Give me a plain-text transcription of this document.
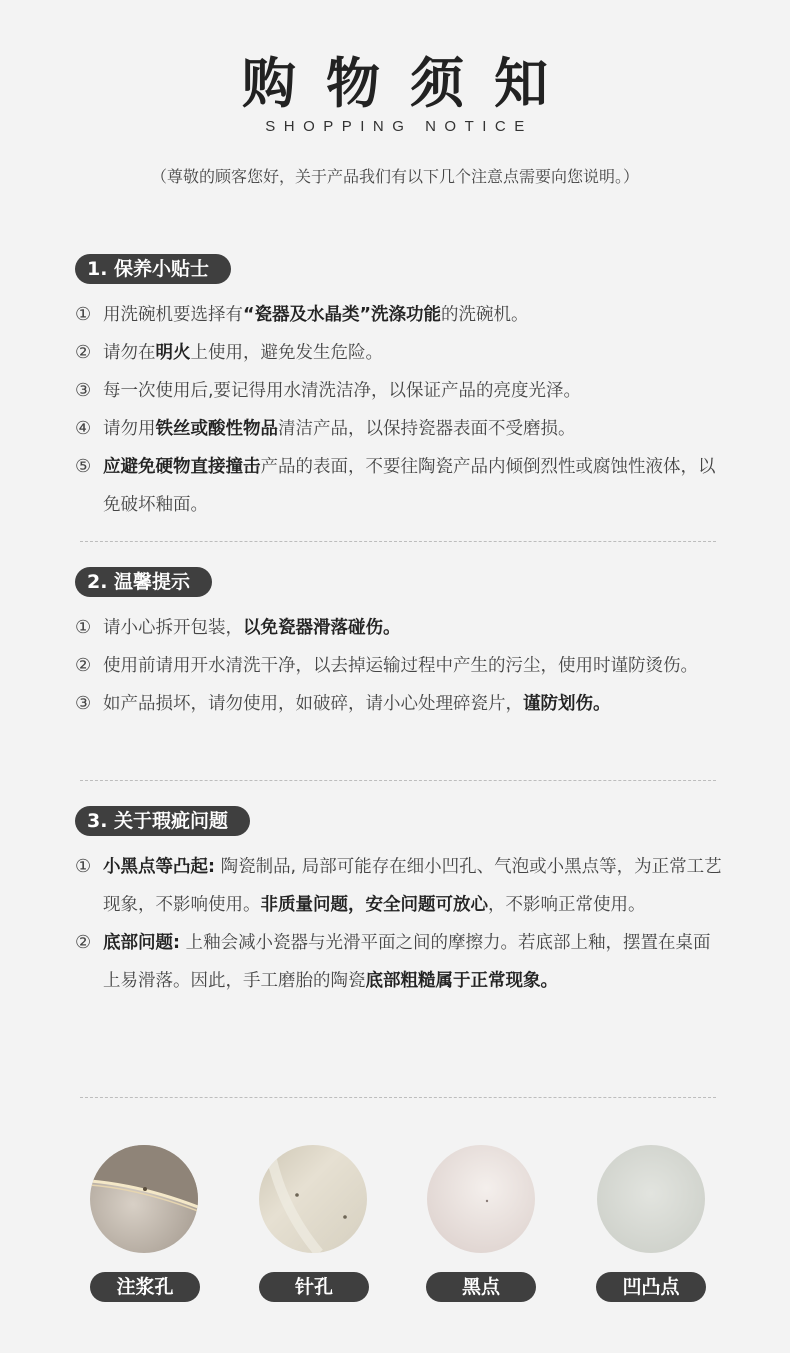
购物须知
SHOPPING NOTICE
（尊敬的顾客您好，关于产品我们有以下几个注意点需要向您说明。）
1. 保养小贴士
① 用洗碗机要选择有“瓷器及水晶类”洗涤功能的洗碗机。
② 请勿在明火上使用，避免发生危险。
③ 每一次使用后,要记得用水清洗洁净，以保证产品的亮度光泽。
④ 请勿用铁丝或酸性物品清洁产品，以保持瓷器表面不受磨损。
⑤ 应避免硬物直接撞击产品的表面，不要往陶瓷产品内倾倒烈性或腐蚀性液体，以免破坏釉面。
2. 温馨提示
① 请小心拆开包装，以免瓷器滑落碰伤。
② 使用前请用开水清洗干净，以去掉运输过程中产生的污尘，使用时谨防烫伤。
③ 如产品损坏，请勿使用，如破碎，请小心处理碎瓷片，谨防划伤。
3. 关于瑕疵问题
① 小黑点等凸起: 陶瓷制品, 局部可能存在细小凹孔、气泡或小黑点等，为正常工艺现象，不影响使用。非质量问题，安全问题可放心，不影响正常使用。
② 底部问题: 上釉会减小瓷器与光滑平面之间的摩擦力。若底部上釉，摆置在桌面上易滑落。因此，手工磨胎的陶瓷底部粗糙属于正常现象。
注浆孔	针孔	黑点	凹凸点
